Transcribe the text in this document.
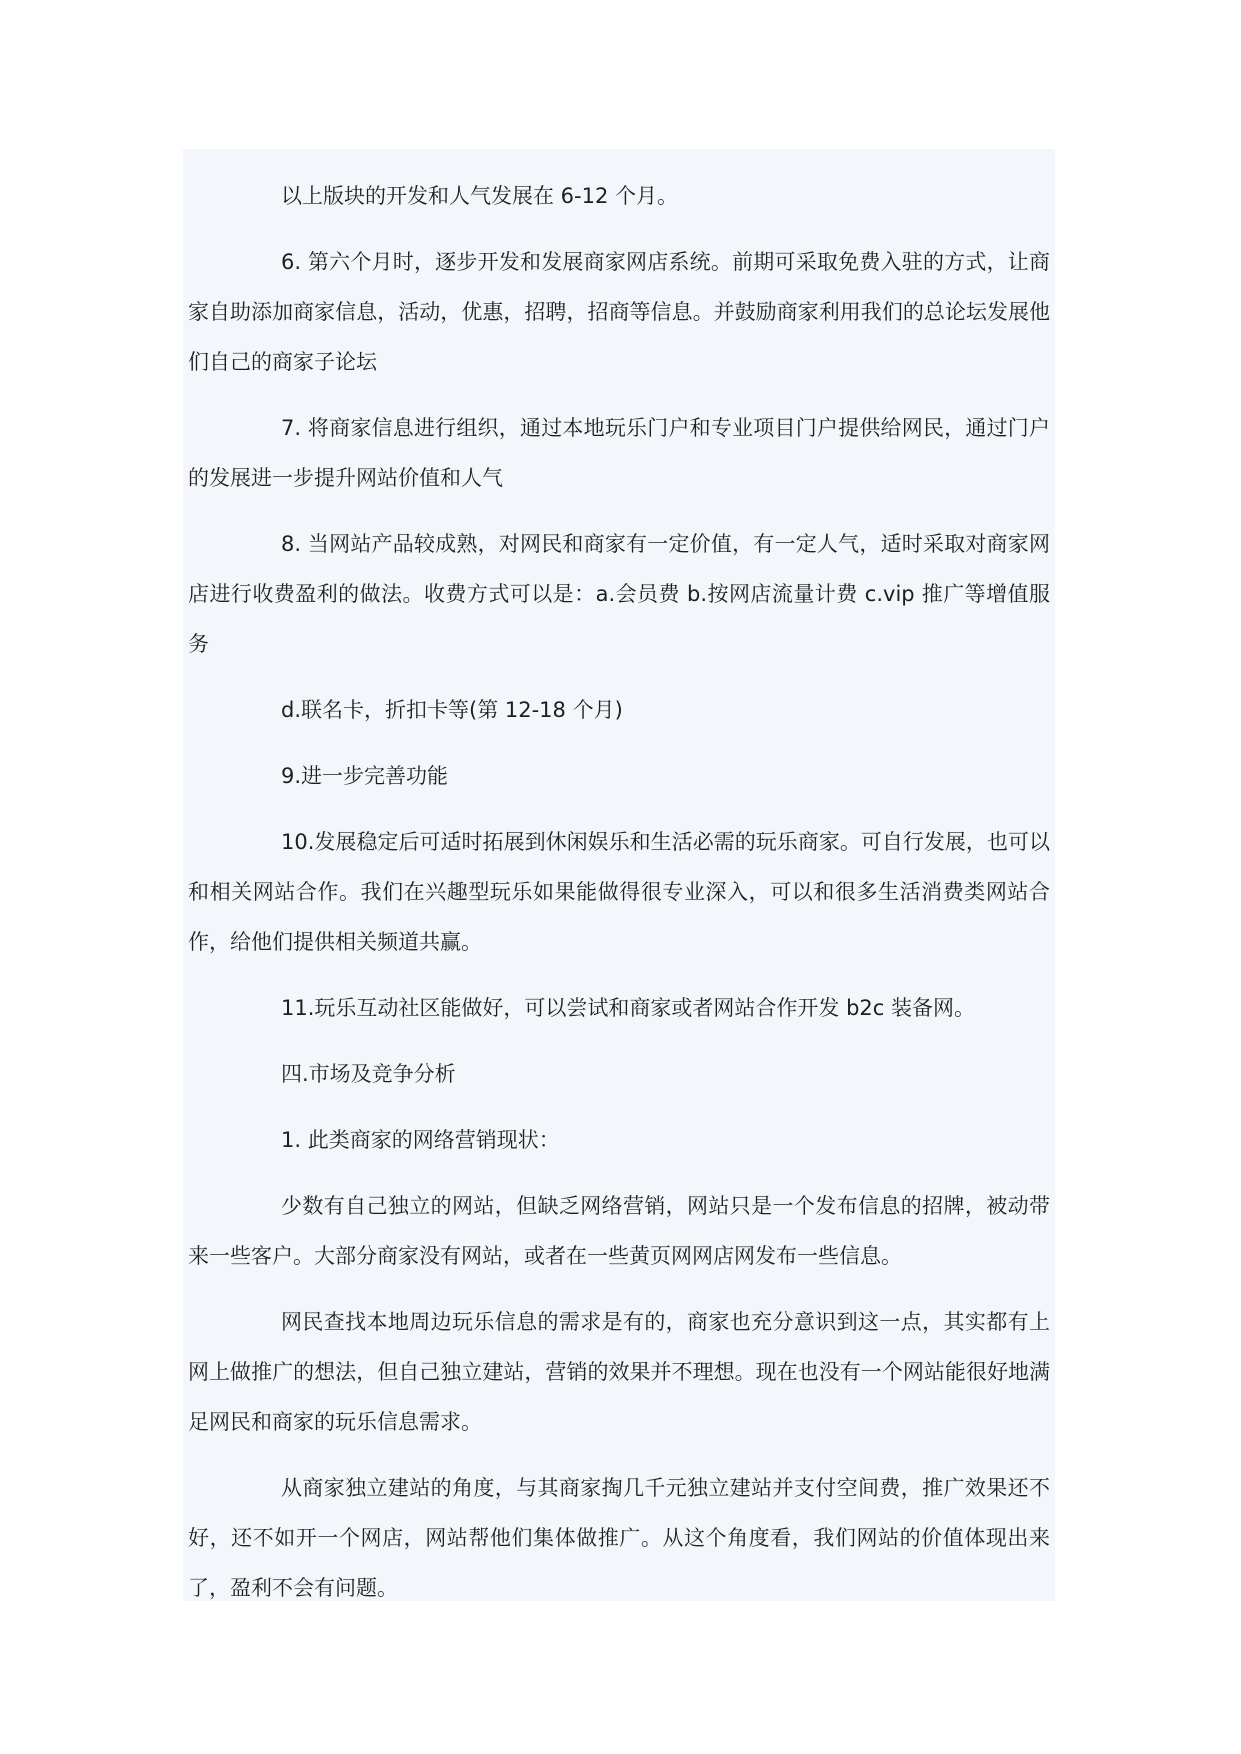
以上版块的开发和人气发展在 6-12 个月。

6. 第六个月时，逐步开发和发展商家网店系统。前期可采取免费入驻的方式，让商家自助添加商家信息，活动，优惠，招聘，招商等信息。并鼓励商家利用我们的总论坛发展他们自己的商家子论坛

7. 将商家信息进行组织，通过本地玩乐门户和专业项目门户提供给网民，通过门户的发展进一步提升网站价值和人气

8. 当网站产品较成熟，对网民和商家有一定价值，有一定人气，适时采取对商家网店进行收费盈利的做法。收费方式可以是：a.会员费 b.按网店流量计费 c.vip 推广等增值服务

d.联名卡，折扣卡等(第 12-18 个月)

9.进一步完善功能

10.发展稳定后可适时拓展到休闲娱乐和生活必需的玩乐商家。可自行发展，也可以和相关网站合作。我们在兴趣型玩乐如果能做得很专业深入，可以和很多生活消费类网站合作，给他们提供相关频道共赢。

11.玩乐互动社区能做好，可以尝试和商家或者网站合作开发 b2c 装备网。

四.市场及竞争分析

1. 此类商家的网络营销现状：

少数有自己独立的网站，但缺乏网络营销，网站只是一个发布信息的招牌，被动带来一些客户。大部分商家没有网站，或者在一些黄页网网店网发布一些信息。

网民查找本地周边玩乐信息的需求是有的，商家也充分意识到这一点，其实都有上网上做推广的想法，但自己独立建站，营销的效果并不理想。现在也没有一个网站能很好地满足网民和商家的玩乐信息需求。

从商家独立建站的角度，与其商家掏几千元独立建站并支付空间费，推广效果还不好，还不如开一个网店，网站帮他们集体做推广。从这个角度看，我们网站的价值体现出来了，盈利不会有问题。
